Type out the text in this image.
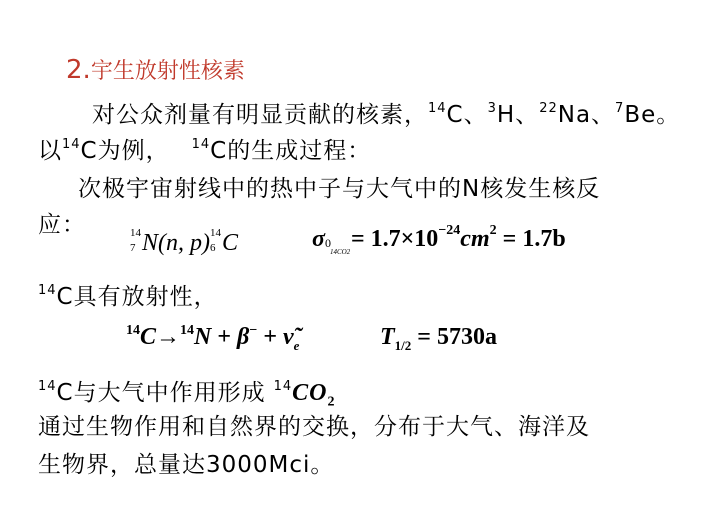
2.宇生放射性核素
对公众剂量有明显贡献的核素，$^{14}$C、$^3$H、$^{22}$Na、$^7$Be。
以$^{14}$C为例， $^{14}$C的生成过程：
次极宇宙射线中的热中子与大气中的N核发生核反
应：	14
7 N(n, p) 14
6 C	σ 0
$14CO2 = 1.7\times 10^{-24}cm^2 = 1.7b$
$^{14}$C具有放射性，
$^{14}C\to^{14}N + \beta^- + \nũ_e$	$T_{1/2} = 5730a$
$^{14}$C与大气中作用形成 $^{14}CO_2$
通过生物作用和自然界的交换，分布于大气、海洋及
生物界，总量达3000Mci。
